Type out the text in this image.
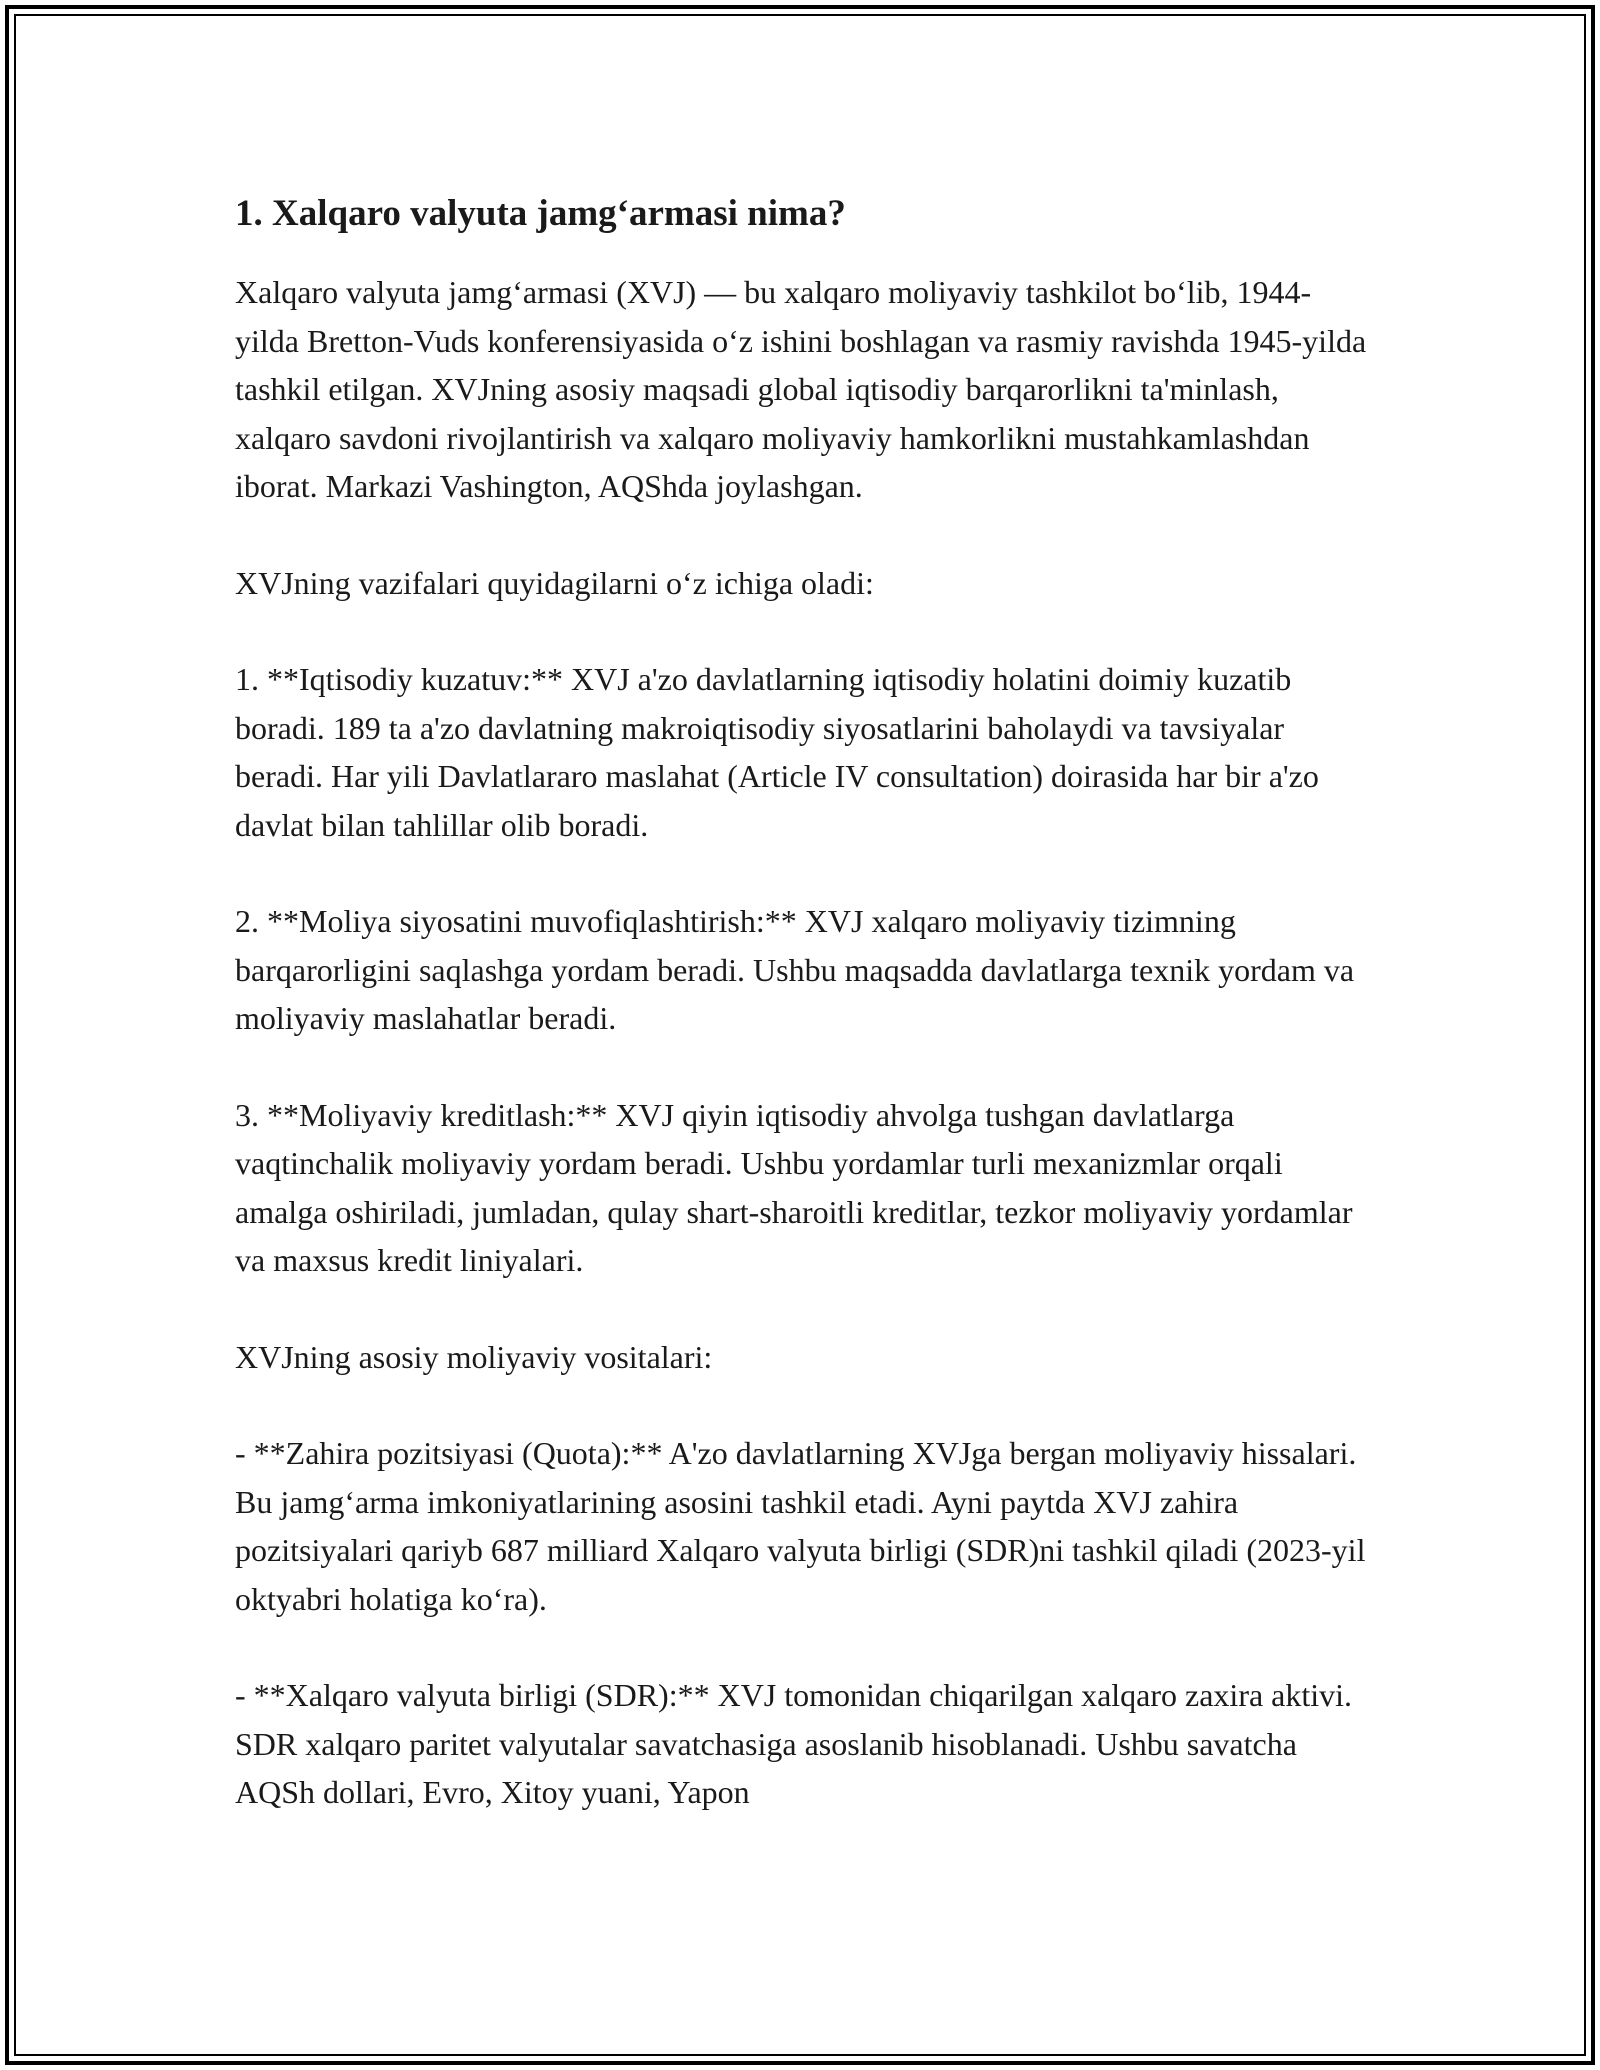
1. Xalqaro valyuta jamg‘armasi nima?

Xalqaro valyuta jamg‘armasi (XVJ) — bu xalqaro moliyaviy tashkilot bo‘lib, 1944-yilda Bretton-Vuds konferensiyasida o‘z ishini boshlagan va rasmiy ravishda 1945-yilda tashkil etilgan. XVJning asosiy maqsadi global iqtisodiy barqarorlikni ta'minlash, xalqaro savdoni rivojlantirish va xalqaro moliyaviy hamkorlikni mustahkamlashdan iborat. Markazi Vashington, AQShda joylashgan.

XVJning vazifalari quyidagilarni o‘z ichiga oladi:

1. **Iqtisodiy kuzatuv:** XVJ a'zo davlatlarning iqtisodiy holatini doimiy kuzatib boradi. 189 ta a'zo davlatning makroiqtisodiy siyosatlarini baholaydi va tavsiyalar beradi. Har yili Davlatlararo maslahat (Article IV consultation) doirasida har bir a'zo davlat bilan tahlillar olib boradi.

2. **Moliya siyosatini muvofiqlashtirish:** XVJ xalqaro moliyaviy tizimning barqarorligini saqlashga yordam beradi. Ushbu maqsadda davlatlarga texnik yordam va moliyaviy maslahatlar beradi.

3. **Moliyaviy kreditlash:** XVJ qiyin iqtisodiy ahvolga tushgan davlatlarga vaqtinchalik moliyaviy yordam beradi. Ushbu yordamlar turli mexanizmlar orqali amalga oshiriladi, jumladan, qulay shart-sharoitli kreditlar, tezkor moliyaviy yordamlar va maxsus kredit liniyalari.

XVJning asosiy moliyaviy vositalari:

- **Zahira pozitsiyasi (Quota):** A'zo davlatlarning XVJga bergan moliyaviy hissalari. Bu jamg‘arma imkoniyatlarining asosini tashkil etadi. Ayni paytda XVJ zahira pozitsiyalari qariyb 687 milliard Xalqaro valyuta birligi (SDR)ni tashkil qiladi (2023-yil oktyabri holatiga ko‘ra).

- **Xalqaro valyuta birligi (SDR):** XVJ tomonidan chiqarilgan xalqaro zaxira aktivi. SDR xalqaro paritet valyutalar savatchasiga asoslanib hisoblanadi. Ushbu savatcha AQSh dollari, Evro, Xitoy yuani, Yapon
